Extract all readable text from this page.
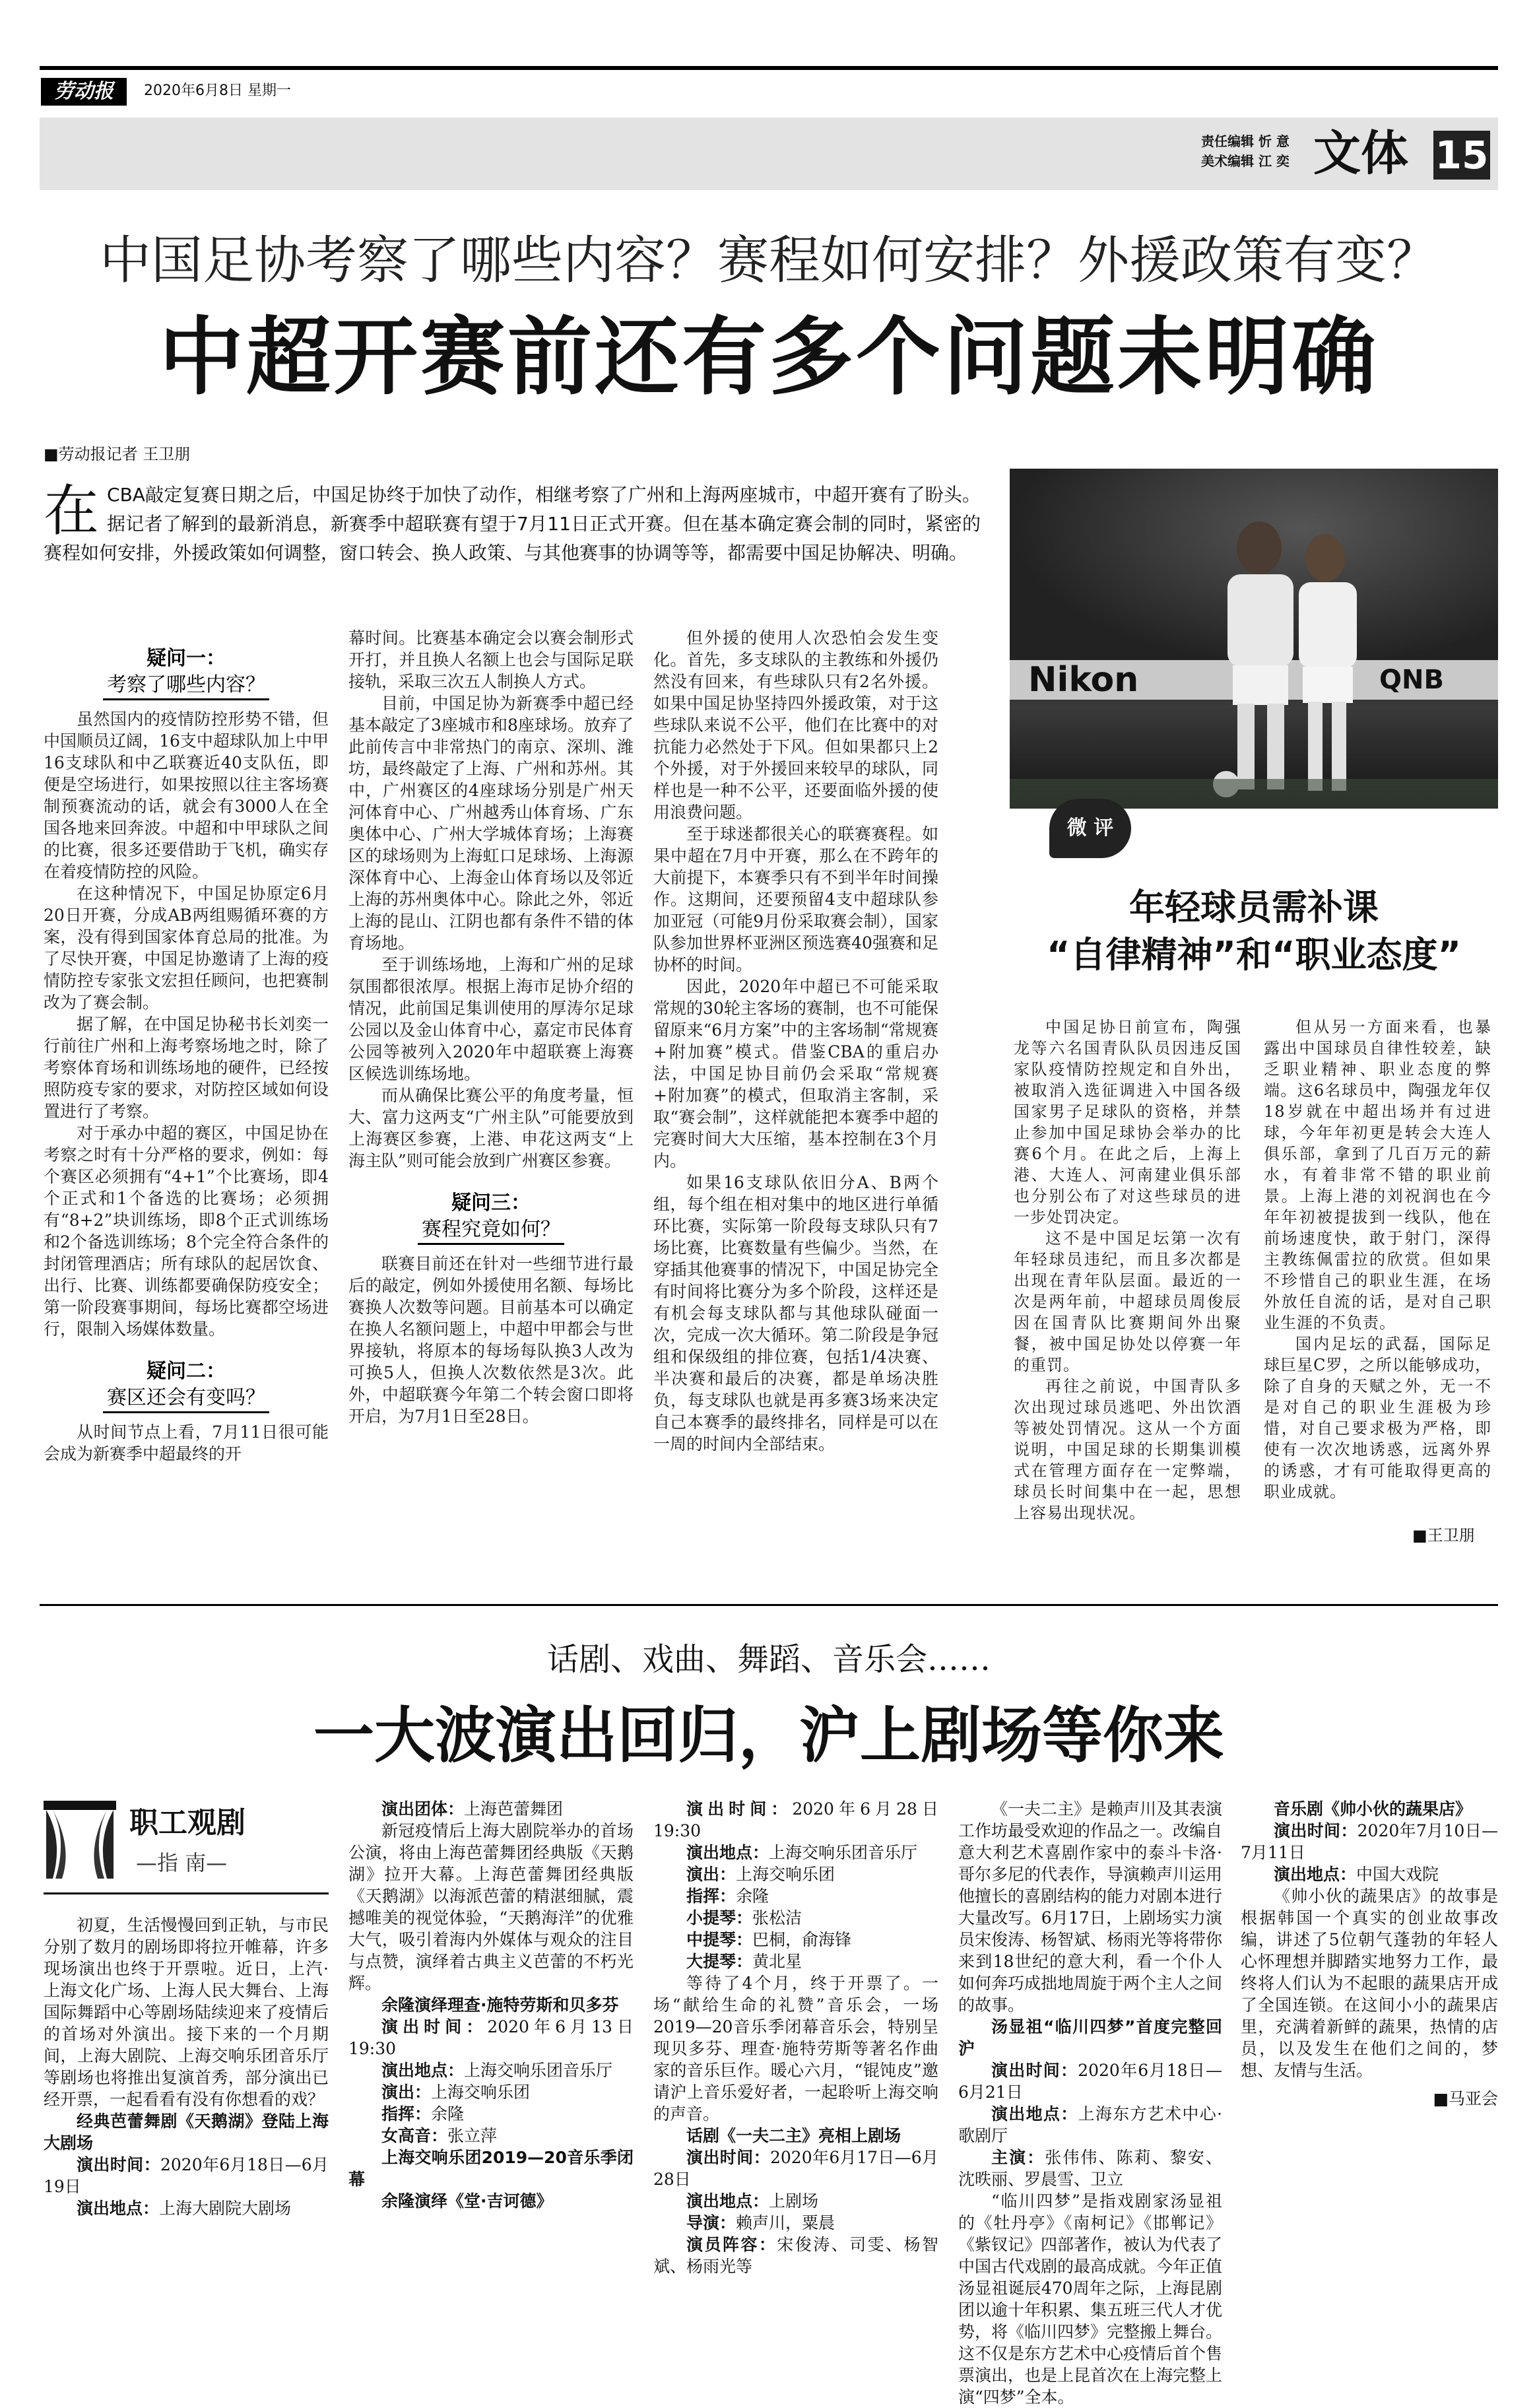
劳动报	2020年6月8日 星期一
责任编辑 忻 意
美术编辑 江 奕 文体 15
中国足协考察了哪些内容？赛程如何安排？外援政策有变？
中超开赛前还有多个问题未明确
■劳动报记者 王卫朋
在 CBA敲定复赛日期之后，中国足协终于加快了动作，相继考察了广州和上海两座城市，中超开赛有了盼头。据记者了解到的最新消息，新赛季中超联赛有望于7月11日正式开赛。但在基本确定赛会制的同时，紧密的赛程如何安排，外援政策如何调整，窗口转会、换人政策、与其他赛事的协调等等，都需要中国足协解决、明确。
疑问一：
考察了哪些内容？

虽然国内的疫情防控形势不错，但中国顺员辽阔，16支中超球队加上中甲16支球队和中乙联赛近40支队伍，即便是空场进行，如果按照以往主客场赛制预赛流动的话，就会有3000人在全国各地来回奔波。中超和中甲球队之间的比赛，很多还要借助于飞机，确实存在着疫情防控的风险。

在这种情况下，中国足协原定6月20日开赛，分成AB两组赐循环赛的方案，没有得到国家体育总局的批准。为了尽快开赛，中国足协邀请了上海的疫情防控专家张文宏担任顾问，也把赛制改为了赛会制。

据了解，在中国足协秘书长刘奕一行前往广州和上海考察场地之时，除了考察体育场和训练场地的硬件，已经按照防疫专家的要求，对防控区域如何设置进行了考察。

对于承办中超的赛区，中国足协在考察之时有十分严格的要求，例如：每个赛区必须拥有“4+1”个比赛场，即4个正式和1个备选的比赛场；必须拥有“8+2”块训练场，即8个正式训练场和2个备选训练场；8个完全符合条件的封闭管理酒店；所有球队的起居饮食、出行、比赛、训练都要确保防疫安全；第一阶段赛事期间，每场比赛都空场进行，限制入场媒体数量。

疑问二：
赛区还会有变吗？

从时间节点上看，7月11日很可能会成为新赛季中超最终的开

幕时间。比赛基本确定会以赛会制形式开打，并且换人名额上也会与国际足联接轨，采取三次五人制换人方式。

目前，中国足协为新赛季中超已经基本敲定了3座城市和8座球场。放弃了此前传言中非常热门的南京、深圳、潍坊，最终敲定了上海、广州和苏州。其中，广州赛区的4座球场分别是广州天河体育中心、广州越秀山体育场、广东奥体中心、广州大学城体育场；上海赛区的球场则为上海虹口足球场、上海源深体育中心、上海金山体育场以及邻近上海的苏州奥体中心。除此之外，邻近上海的昆山、江阴也都有条件不错的体育场地。

至于训练场地，上海和广州的足球氛围都很浓厚。根据上海市足协介绍的情况，此前国足集训使用的厚涛尔足球公园以及金山体育中心，嘉定市民体育公园等被列入2020年中超联赛上海赛区候选训练场地。

而从确保比赛公平的角度考量，恒大、富力这两支“广州主队”可能要放到上海赛区参赛，上港、申花这两支“上海主队”则可能会放到广州赛区参赛。

疑问三：
赛程究竟如何？

联赛目前还在针对一些细节进行最后的敲定，例如外援使用名额、每场比赛换人次数等问题。目前基本可以确定在换人名额问题上，中超中甲都会与世界接轨，将原本的每场每队换3人改为可换5人，但换人次数依然是3次。此外，中超联赛今年第二个转会窗口即将开启，为7月1日至28日。

但外援的使用人次恐怕会发生变化。首先，多支球队的主教练和外援仍然没有回来，有些球队只有2名外援。如果中国足协坚持四外援政策，对于这些球队来说不公平，他们在比赛中的对抗能力必然处于下风。但如果都只上2个外援，对于外援回来较早的球队，同样也是一种不公平，还要面临外援的使用浪费问题。

至于球迷都很关心的联赛赛程。如果中超在7月中开赛，那么在不跨年的大前提下，本赛季只有不到半年时间操作。这期间，还要预留4支中超球队参加亚冠（可能9月份采取赛会制），国家队参加世界杯亚洲区预选赛40强赛和足协杯的时间。

因此，2020年中超已不可能采取常规的30轮主客场的赛制，也不可能保留原来“6月方案”中的主客场制“常规赛+附加赛”模式。借鉴CBA的重启办法，中国足协目前仍会采取“常规赛+附加赛”的模式，但取消主客制，采取“赛会制”，这样就能把本赛季中超的完赛时间大大压缩，基本控制在3个月内。

如果16支球队依旧分A、B两个组，每个组在相对集中的地区进行单循环比赛，实际第一阶段每支球队只有7场比赛，比赛数量有些偏少。当然，在穿插其他赛事的情况下，中国足协完全有时间将比赛分为多个阶段，这样还是有机会每支球队都与其他球队碰面一次，完成一次大循环。第二阶段是争冠组和保级组的排位赛，包括1/4决赛、半决赛和最后的决赛，都是单场决胜负，每支球队也就是再多赛3场来决定自己本赛季的最终排名，同样是可以在一周的时间内全部结束。

Nikon	QNB
微 评
年轻球员需补课
“自律精神”和“职业态度”

中国足协日前宣布，陶强龙等六名国青队队员因违反国家队疫情防控规定和自外出，被取消入选征调进入中国各级国家男子足球队的资格，并禁止参加中国足球协会举办的比赛6个月。在此之后，上海上港、大连人、河南建业俱乐部也分别公布了对这些球员的进一步处罚决定。

这不是中国足坛第一次有年轻球员违纪，而且多次都是出现在青年队层面。最近的一次是两年前，中超球员周俊辰因在国青队比赛期间外出聚餐，被中国足协处以停赛一年的重罚。

再往之前说，中国青队多次出现过球员逃吧、外出饮酒等被处罚情况。这从一个方面说明，中国足球的长期集训模式在管理方面存在一定弊端，球员长时间集中在一起，思想上容易出现状况。

但从另一方面来看，也暴露出中国球员自律性较差，缺乏职业精神、职业态度的弊端。这6名球员中，陶强龙年仅18岁就在中超出场并有过进球，今年年初更是转会大连人俱乐部，拿到了几百万元的薪水，有着非常不错的职业前景。上海上港的刘祝润也在今年年初被提拔到一线队，他在前场速度快，敢于射门，深得主教练佩雷拉的欣赏。但如果不珍惜自己的职业生涯，在场外放任自流的话，是对自己职业生涯的不负责。

国内足坛的武磊，国际足球巨星C罗，之所以能够成功，除了自身的天赋之外，无一不是对自己的职业生涯极为珍惜，对自己要求极为严格，即使有一次次地诱惑，远离外界的诱惑，才有可能取得更高的职业成就。

■王卫朋
话剧、戏曲、舞蹈、音乐会……
一大波演出回归，沪上剧场等你来
职工观剧
—指 南—

初夏，生活慢慢回到正轨，与市民分别了数月的剧场即将拉开帷幕，许多现场演出也终于开票啦。近日，上汽·上海文化广场、上海人民大舞台、上海国际舞蹈中心等剧场陆续迎来了疫情后的首场对外演出。接下来的一个月期间，上海大剧院、上海交响乐团音乐厅等剧场也将推出复演首秀，部分演出已经开票，一起看看有没有你想看的戏？

经典芭蕾舞剧《天鹅湖》登陆上海大剧场

演出时间：2020年6月18日—6月19日

演出地点：上海大剧院大剧场

演出团体：上海芭蕾舞团

新冠疫情后上海大剧院举办的首场公演，将由上海芭蕾舞团经典版《天鹅湖》拉开大幕。上海芭蕾舞团经典版《天鹅湖》以海派芭蕾的精湛细腻，震撼唯美的视觉体验，“天鹅海洋”的优雅大气，吸引着海内外媒体与观众的注目与点赞，演绎着古典主义芭蕾的不朽光辉。

余隆演绎理查·施特劳斯和贝多芬

演出时间：2020年6月13日19:30

演出地点：上海交响乐团音乐厅

演出：上海交响乐团

指挥：余隆

女高音：张立萍

上海交响乐团2019—20音乐季闭幕

余隆演绎《堂·吉诃德》

演出时间：2020年6月28日19:30

演出地点：上海交响乐团音乐厅

演出：上海交响乐团

指挥：余隆

小提琴：张松洁

中提琴：巴桐，俞海锋

大提琴：黄北星

等待了4个月，终于开票了。一场“献给生命的礼赞”音乐会，一场2019—20音乐季闭幕音乐会，特别呈现贝多芬、理查·施特劳斯等著名作曲家的音乐巨作。暖心六月，“锟饨皮”邀请沪上音乐爱好者，一起聆听上海交响的声音。

话剧《一夫二主》亮相上剧场

演出时间：2020年6月17日—6月28日

演出地点：上剧场

导演：赖声川，粟晨

演员阵容：宋俊涛、司雯、杨智斌、杨雨光等

《一夫二主》是赖声川及其表演工作坊最受欢迎的作品之一。改编自意大利艺术喜剧作家中的泰斗卡洛·哥尔多尼的代表作，导演赖声川运用他擅长的喜剧结构的能力对剧本进行大量改写。6月17日，上剧场实力演员宋俊涛、杨智斌、杨雨光等将带你来到18世纪的意大利，看一个仆人如何奔巧成拙地周旋于两个主人之间的故事。

汤显祖“临川四梦”首度完整回沪

演出时间：2020年6月18日—6月21日

演出地点：上海东方艺术中心·歌剧厅

主演：张伟伟、陈莉、黎安、沈昳丽、罗晨雪、卫立

“临川四梦”是指戏剧家汤显祖的《牡丹亭》《南柯记》《邯郸记》《紫钗记》四部著作，被认为代表了中国古代戏剧的最高成就。今年正值汤显祖诞辰470周年之际，上海昆剧团以逾十年积累、集五班三代人才优势，将《临川四梦》完整搬上舞台。这不仅是东方艺术中心疫情后首个售票演出，也是上昆首次在上海完整上演“四梦”全本。

音乐剧《帅小伙的蔬果店》

演出时间：2020年7月10日—7月11日

演出地点：中国大戏院

《帅小伙的蔬果店》的故事是根据韩国一个真实的创业故事改编，讲述了5位朝气蓬勃的年轻人心怀理想并脚踏实地努力工作，最终将人们认为不起眼的蔬果店开成了全国连锁。在这间小小的蔬果店里，充满着新鲜的蔬果，热情的店员，以及发生在他们之间的，梦想、友情与生活。

■马亚会
